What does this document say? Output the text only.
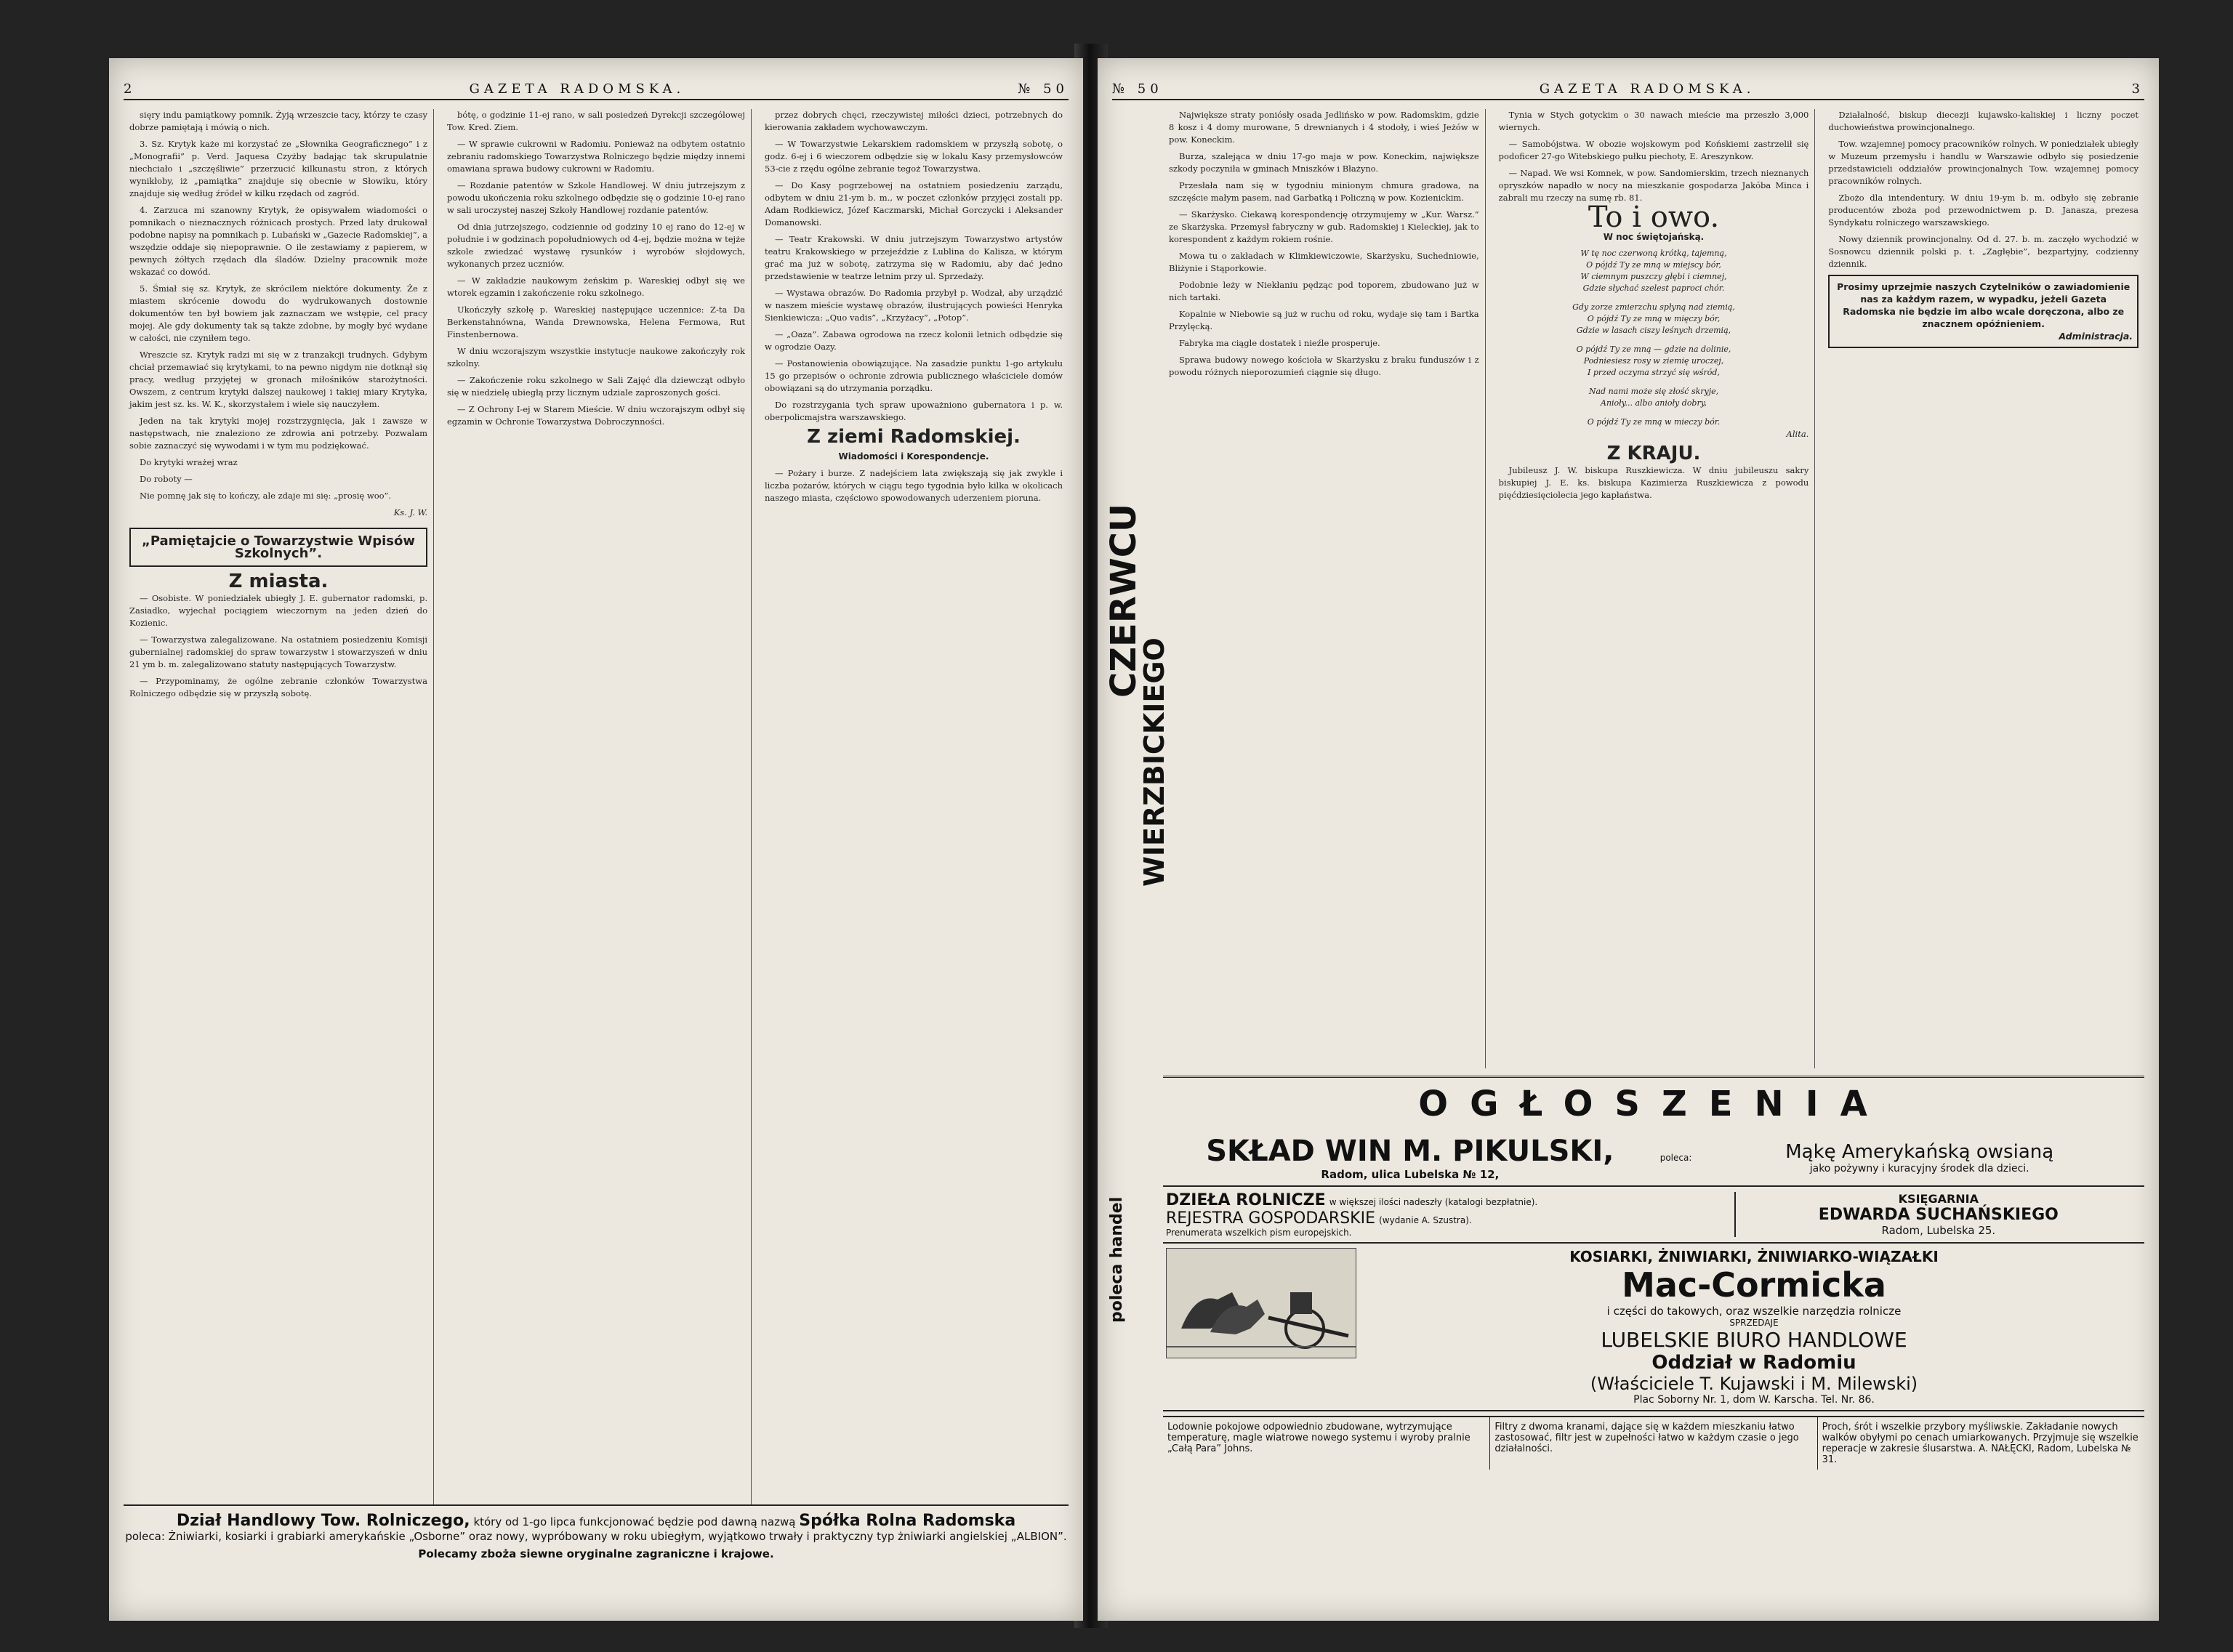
2	GAZETA RADOMSKA.	№ 50

sięry indu pamiątkowy pomnik. Żyją wrzeszcie tacy, którzy te czasy dobrze pamiętają i mówią o nich.

3. Sz. Krytyk każe mi korzystać ze „Słownika Geograficznego” i z „Monografii” p. Verd. Jaquesa Czyżby badając tak skrupulatnie niechciało i „szczęśliwie” przerzucić kilkunastu stron, z których wynikłoby, iż „pamiątka” znajduje się obecnie w Słowiku, który znajduje się według źródeł w kilku rzędach od zagród.

4. Zarzuca mi szanowny Krytyk, że opisywałem wiadomości o pomnikach o nieznacznych różnicach prostych. Przed laty drukował podobne napisy na pomnikach p. Lubański w „Gazecie Radomskiej”, a wszędzie oddaje się niepoprawnie. O ile zestawiamy z papierem, w pewnych żółtych rzędach dla śladów. Dzielny pracownik może wskazać co dowód.

5. Śmiał się sz. Krytyk, że skrócilem niektóre dokumenty. Że z miastem skrócenie dowodu do wydrukowanych dostownie dokumentów ten był bowiem jak zaznaczam we wstępie, cel pracy mojej. Ale gdy dokumenty tak są także zdobne, by mogły być wydane w całości, nie czyniłem tego.

Wreszcie sz. Krytyk radzi mi się w z tranzakcji trudnych. Gdybym chciał przemawiać się krytykami, to na pewno nigdym nie dotknął się pracy, według przyjętej w gronach miłośników starożytności. Owszem, z centrum krytyki dalszej naukowej i takiej miary Krytyka, jakim jest sz. ks. W. K., skorzystałem i wiele się nauczyłem.

Jeden na tak krytyki mojej rozstrzygnięcia, jak i zawsze w następstwach, nie znaleziono ze zdrowia ani potrzeby. Pozwalam sobie zaznaczyć się wywodami i w tym mu podziękować.

Do krytyki wrażej wraz

Do roboty —

Nie pomnę jak się to kończy, ale zdaje mi się: „prosię woo”.

Ks. J. W.
„Pamiętajcie o Towarzystwie Wpisów Szkolnych”.
Z miasta.

— Osobiste. W poniedziałek ubiegły J. E. gubernator radomski, p. Zasiadko, wyjechał pociągiem wieczornym na jeden dzień do Kozienic.

— Towarzystwa zalegalizowane. Na ostatniem posiedzeniu Komisji gubernialnej radomskiej do spraw towarzystw i stowarzyszeń w dniu 21 ym b. m. zalegalizowano statuty następujących Towarzystw.

— Przypominamy, że ogólne zebranie członków Towarzystwa Rolniczego odbędzie się w przyszłą sobotę.

bótę, o godzinie 11-ej rano, w sali posiedzeń Dyrekcji szczególowej Tow. Kred. Ziem.

— W sprawie cukrowni w Radomiu. Ponieważ na odbytem ostatnio zebraniu radomskiego Towarzystwa Rolniczego będzie między innemi omawiana sprawa budowy cukrowni w Radomiu.

— Rozdanie patentów w Szkole Handlowej. W dniu jutrzejszym z powodu ukończenia roku szkolnego odbędzie się o godzinie 10-ej rano w sali uroczystej naszej Szkoły Handlowej rozdanie patentów.

Od dnia jutrzejszego, codziennie od godziny 10 ej rano do 12-ej w południe i w godzinach popołudniowych od 4-ej, będzie można w tejże szkole zwiedzać wystawę rysunków i wyrobów słojdowych, wykonanych przez uczniów.

— W zakładzie naukowym żeńskim p. Wareskiej odbył się we wtorek egzamin i zakończenie roku szkolnego.

Ukończyły szkołę p. Wareskiej następujące uczennice: Z-ta Da Berkenstahnówna, Wanda Drewnowska, Helena Fermowa, Rut Finstenbernowa.

W dniu wczorajszym wszystkie instytucje naukowe zakończyły rok szkolny.

— Zakończenie roku szkolnego w Sali Zajęć dla dziewcząt odbyło się w niedzielę ubiegłą przy licznym udziale zaproszonych gości.

— Z Ochrony I-ej w Starem Mieście. W dniu wczorajszym odbył się egzamin w Ochronie Towarzystwa Dobroczynności.

przez dobrych chęci, rzeczywistej miłości dzieci, potrzebnych do kierowania zakładem wychowawczym.

— W Towarzystwie Lekarskiem radomskiem w przyszłą sobotę, o godz. 6-ej i 6 wieczorem odbędzie się w lokalu Kasy przemysłowców 53-cie z rzędu ogólne zebranie tegoż Towarzystwa.

— Do Kasy pogrzebowej na ostatniem posiedzeniu zarządu, odbytem w dniu 21-ym b. m., w poczet członków przyjęci zostali pp. Adam Rodkiewicz, Józef Kaczmarski, Michał Gorczycki i Aleksander Domanowski.

— Teatr Krakowski. W dniu jutrzejszym Towarzystwo artystów teatru Krakowskiego w przejeździe z Lublina do Kalisza, w którym grać ma już w sobotę, zatrzyma się w Radomiu, aby dać jedno przedstawienie w teatrze letnim przy ul. Sprzedaży.

— Wystawa obrazów. Do Radomia przybył p. Wodzał, aby urządzić w naszem mieście wystawę obrazów, ilustrujących powieści Henryka Sienkiewicza: „Quo vadis”, „Krzyżacy”, „Potop”.

— „Oaza”. Zabawa ogrodowa na rzecz kolonii letnich odbędzie się w ogrodzie Oazy.

— Postanowienia obowiązujące. Na zasadzie punktu 1-go artykułu 15 go przepisów o ochronie zdrowia publicznego właściciele domów obowiązani są do utrzymania porządku.

Do rozstrzygania tych spraw upoważniono gubernatora i p. w. oberpolicmajstra warszawskiego.

Z ziemi Radomskiej.
Wiadomości i Korespondencje.

— Pożary i burze. Z nadejściem lata zwiększają się jak zwykle i liczba pożarów, których w ciągu tego tygodnia było kilka w okolicach naszego miasta, częściowo spowodowanych uderzeniem pioruna.

Dział Handlowy Tow. Rolniczego, który od 1-go lipca funkcjonować będzie pod dawną nazwą Spółka Rolna Radomska
poleca: Żniwiarki, kosiarki i grabiarki amerykańskie „Osborne” oraz nowy, wypróbowany w roku ubiegłym, wyjątkowo trwały i praktyczny typ żniwiarki angielskiej „ALBION”.
Polecamy zboża siewne oryginalne zagraniczne i krajowe.
№ 50	GAZETA RADOMSKA.	3
CZERWCU
WIERZBICKIEGO
poleca handel

Największe straty poniósły osada Jedlińsko w pow. Radomskim, gdzie 8 kosz i 4 domy murowane, 5 drewnianych i 4 stodoły, i wieś Jeżów w pow. Koneckim.

Burza, szalejąca w dniu 17-go maja w pow. Koneckim, największe szkody poczyniła w gminach Mniszków i Błażyno.

Przesłała nam się w tygodniu minionym chmura gradowa, na szczęście małym pasem, nad Garbatką i Policzną w pow. Kozienickim.

— Skarżysko. Ciekawą korespondencję otrzymujemy w „Kur. Warsz.” ze Skarżyska. Przemysł fabryczny w gub. Radomskiej i Kieleckiej, jak to korespondent z każdym rokiem rośnie.

Mowa tu o zakładach w Klimkiewiczowie, Skarżysku, Suchedniowie, Bliżynie i Stąporkowie.

Podobnie leży w Niekłaniu pędząc pod toporem, zbudowano już w nich tartaki.

Kopalnie w Niebowie są już w ruchu od roku, wydaje się tam i Bartka Przylęcką.

Fabryka ma ciągle dostatek i nieźle prosperuje.

Sprawa budowy nowego kościoła w Skarżysku z braku funduszów i z powodu różnych nieporozumień ciągnie się długo.

Tynia w Stych gotyckim o 30 nawach mieście ma przeszło 3,000 wiernych.

— Samobójstwa. W obozie wojskowym pod Końskiemi zastrzelił się podoficer 27-go Witebskiego pułku piechoty, E. Areszynkow.

— Napad. We wsi Komnek, w pow. Sandomierskim, trzech nieznanych opryszków napadło w nocy na mieszkanie gospodarza Jakóba Minca i zabrali mu rzeczy na sumę rb. 81.

To i owo.
W noc świętojańską.
W tę noc czerwoną krótką, tajemną,
O pójdź Ty ze mną w miejscy bór,
W ciemnym puszczy głębi i ciemnej,
Gdzie słychać szelest paproci chór.
Gdy zorze zmierzchu spłyną nad ziemią,
O pójdź Ty ze mną w mięczy bór,
Gdzie w lasach ciszy leśnych drzemią,
O pójdź Ty ze mną — gdzie na dolinie,
Podniesiesz rosy w ziemię uroczej,
I przed oczyma strzyć się wśród,
Nad nami może się złość skryje,
Anioły... albo anioły dobry,
O pójdź Ty ze mną w mieczy bór.
Alita.
Z KRAJU.

Jubileusz J. W. biskupa Ruszkiewicza. W dniu jubileuszu sakry biskupiej J. E. ks. biskupa Kazimierza Ruszkiewicza z powodu pięćdziesięciolecia jego kapłaństwa.

Działalność, biskup diecezji kujawsko-kaliskiej i liczny poczet duchowieństwa prowincjonalnego.

Tow. wzajemnej pomocy pracowników rolnych. W poniedziałek ubiegły w Muzeum przemysłu i handlu w Warszawie odbyło się posiedzenie przedstawicieli oddziałów prowincjonalnych Tow. wzajemnej pomocy pracowników rolnych.

Zbożo dla intendentury. W dniu 19-ym b. m. odbyło się zebranie producentów zboża pod przewodnictwem p. D. Janasza, prezesa Syndykatu rolniczego warszawskiego.

Nowy dziennik prowincjonalny. Od d. 27. b. m. zaczęło wychodzić w Sosnowcu dziennik polski p. t. „Zagłębie”, bezpartyjny, codzienny dziennik.

Prosimy uprzejmie naszych Czytelników o zawiadomienie nas za każdym razem, w wypadku, jeżeli Gazeta Radomska nie będzie im albo wcale doręczona, albo ze znacznem opóźnieniem.
Administracja.
OGŁOSZENIA
SKŁAD WIN M. PIKULSKI,
Radom, ulica Lubelska № 12,
poleca:	Mąkę Amerykańską owsianą
jako pożywny i kuracyjny środek dla dzieci.
DZIEŁA ROLNICZE w większej ilości nadeszły (katalogi bezpłatnie).
REJESTRA GOSPODARSKIE (wydanie A. Szustra).
Prenumerata wszelkich pism europejskich.
KSIĘGARNIA
EDWARDA SUCHAŃSKIEGO
Radom, Lubelska 25.
KOSIARKI, ŻNIWIARKI, ŻNIWIARKO-WIĄZAŁKI
Mac-Cormicka
i części do takowych, oraz wszelkie narzędzia rolnicze
SPRZEDAJE
LUBELSKIE BIURO HANDLOWE
Oddział w Radomiu
(Właściciele T. Kujawski i M. Milewski)
Plac Soborny Nr. 1, dom W. Karscha. Tel. Nr. 86.
Lodownie pokojowe odpowiednio zbudowane, wytrzymujące temperaturę, magle wiatrowe nowego systemu i wyroby pralnie „Całą Para” Johns.
Filtry z dwoma kranami, dające się w każdem mieszkaniu łatwo zastosować, filtr jest w zupełności łatwo w każdym czasie o jego działalności.
Proch, śrót i wszelkie przybory myśliwskie. Zakładanie nowych walków obyłymi po cenach umiarkowanych. Przyjmuje się wszelkie reperacje w zakresie ślusarstwa. A. NAŁĘCKI, Radom, Lubelska № 31.
